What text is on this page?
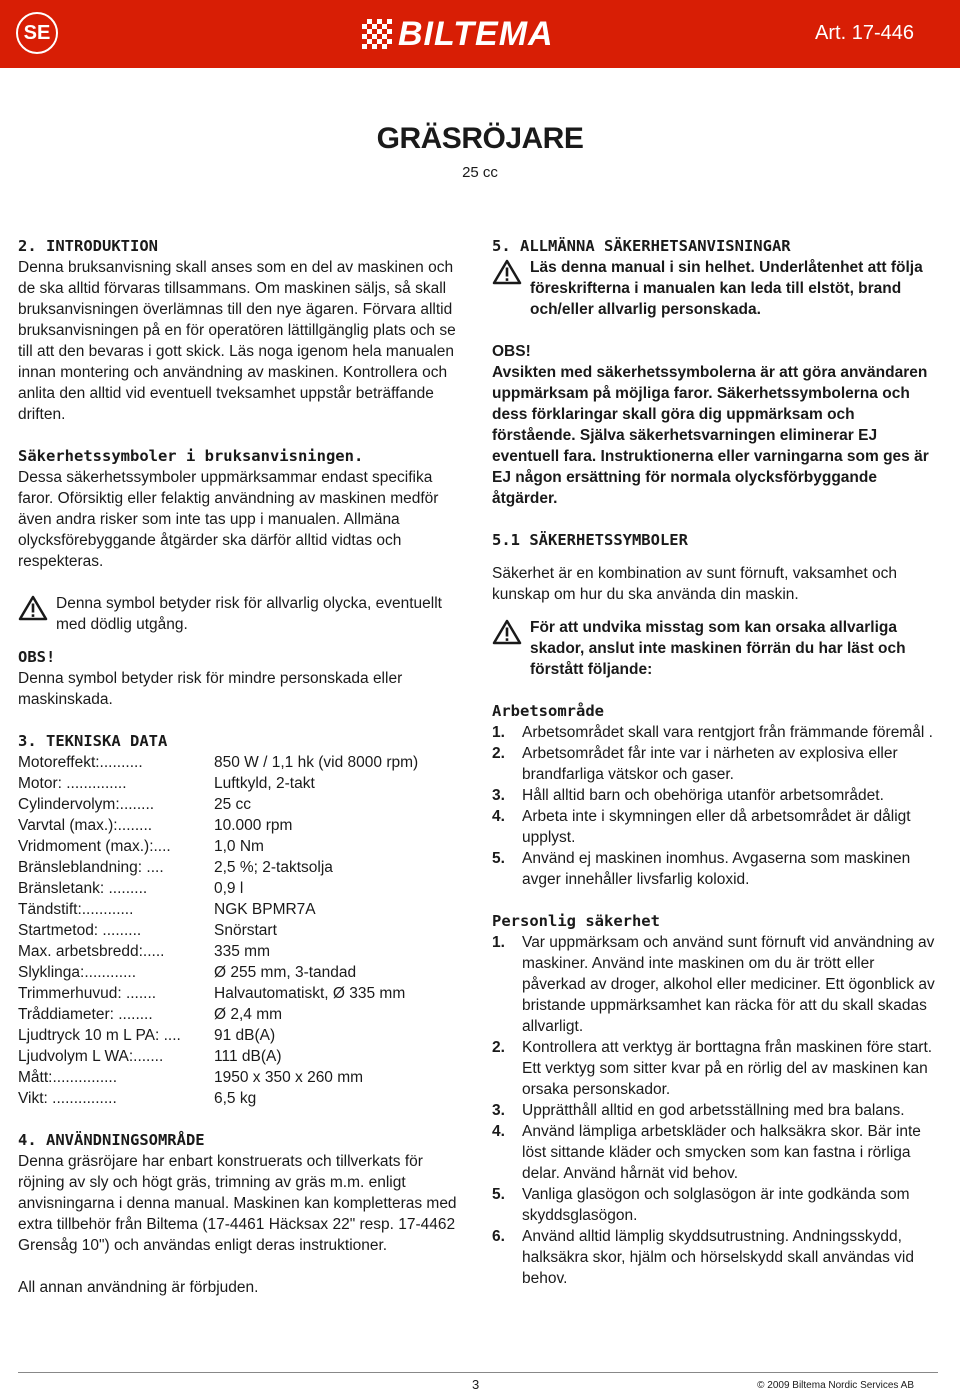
SE	BILTEMA	Art. 17-446
GRÄSRÖJARE
25 cc

2. INTRODUKTION

Denna bruksanvisning skall anses som en del av maskinen och de ska alltid förvaras tillsammans. Om maskinen säljs, så skall bruksanvisningen överlämnas till den nye ägaren. Förvara alltid bruksanvisningen på en för operatören lättillgänglig plats och se till att den bevaras i gott skick. Läs noga igenom hela manualen innan montering och användning av maskinen. Kontrollera och anlita den alltid vid eventuell tveksamhet uppstår beträffande driften.

Säkerhetssymboler i bruksanvisningen.

Dessa säkerhetssymboler uppmärksammar endast specifika faror. Oförsiktig eller felaktig användning av maskinen medför även andra risker som inte tas upp i manualen. Allmäna olycksförebyggande åtgärder ska därför alltid vidtas och respekteras.

Denna symbol betyder risk för allvarlig olycka, eventuellt med dödlig utgång.

OBS!

Denna symbol betyder risk för mindre personskada eller maskinskada.

3. TEKNISKA DATA

Motoreffekt:..........	850 W / 1,1 hk (vid 8000 rpm)
Motor: ..............	Luftkyld, 2-takt
Cylindervolym:........	25 cc
Varvtal (max.):........	10.000 rpm
Vridmoment (max.):....	1,0 Nm
Bränsleblandning: ....	2,5 %; 2-taktsolja
Bränsletank: .........	0,9 l
Tändstift:............	NGK BPMR7A
Startmetod: .........	Snörstart
Max. arbetsbredd:.....	335 mm
Slyklinga:............	Ø 255 mm, 3-tandad
Trimmerhuvud: .......	Halvautomatiskt, Ø 335 mm
Tråddiameter: ........	Ø 2,4 mm
Ljudtryck 10 m L PA: ....	91 dB(A)
Ljudvolym L WA:.......	111 dB(A)
Mått:...............	1950 x 350 x 260 mm
Vikt: ...............	6,5 kg

4. ANVÄNDNINGSOMRÅDE

Denna gräsröjare har enbart konstruerats och tillverkats för röjning av sly och högt gräs, trimning av gräs m.m. enligt anvisningarna i denna manual. Maskinen kan kompletteras med extra tillbehör från Biltema (17-4461 Häcksax 22" resp. 17-4462 Grensåg 10") och användas enligt deras instruktioner.

All annan användning är förbjuden.

5. ALLMÄNNA SÄKERHETSANVISNINGAR

Läs denna manual i sin helhet. Underlåtenhet att följa föreskrifterna i manualen kan leda till elstöt, brand och/eller allvarlig personskada.

OBS!

Avsikten med säkerhetssymbolerna är att göra användaren uppmärksam på möjliga faror. Säkerhetssymbolerna och dess förklaringar skall göra dig uppmärksam och förstående. Själva säkerhetsvarningen eliminerar EJ eventuell fara. Instruktionerna eller varningarna som ges är EJ någon ersättning för normala olycksförbyggande åtgärder.

5.1 SÄKERHETSSYMBOLER

Säkerhet är en kombination av sunt förnuft, vaksamhet och kunskap om hur du ska använda din maskin.

För att undvika misstag som kan orsaka allvarliga skador, anslut inte maskinen förrän du har läst och förstått följande:

Arbetsområde

1.	Arbetsområdet skall vara rentgjort från främmande föremål .
2.	Arbetsområdet får inte var i närheten av explosiva eller brandfarliga vätskor och gaser.
3.	Håll alltid barn och obehöriga utanför arbetsområdet.
4.	Arbeta inte i skymningen eller då arbetsområdet är dåligt upplyst.
5.	Använd ej maskinen inomhus. Avgaserna som maskinen avger innehåller livsfarlig koloxid.

Personlig säkerhet

1.	Var uppmärksam och använd sunt förnuft vid användning av maskiner. Använd inte maskinen om du är trött eller påverkad av droger, alkohol eller mediciner. Ett ögonblick av bristande uppmärksamhet kan räcka för att du skall skadas allvarligt.
2.	Kontrollera att verktyg är borttagna från maskinen före start. Ett verktyg som sitter kvar på en rörlig del av maskinen kan orsaka personskador.
3.	Upprätthåll alltid en god arbetsställning med bra balans.
4.	Använd lämpliga arbetskläder och halksäkra skor. Bär inte löst sittande kläder och smycken som kan fastna i rörliga delar. Använd hårnät vid behov.
5.	Vanliga glasögon och solglasögon är inte godkända som skyddsglasögon.
6.	Använd alltid lämplig skyddsutrustning. Andningsskydd, halksäkra skor, hjälm och hörselskydd skall användas vid behov.
3	© 2009 Biltema Nordic Services AB
